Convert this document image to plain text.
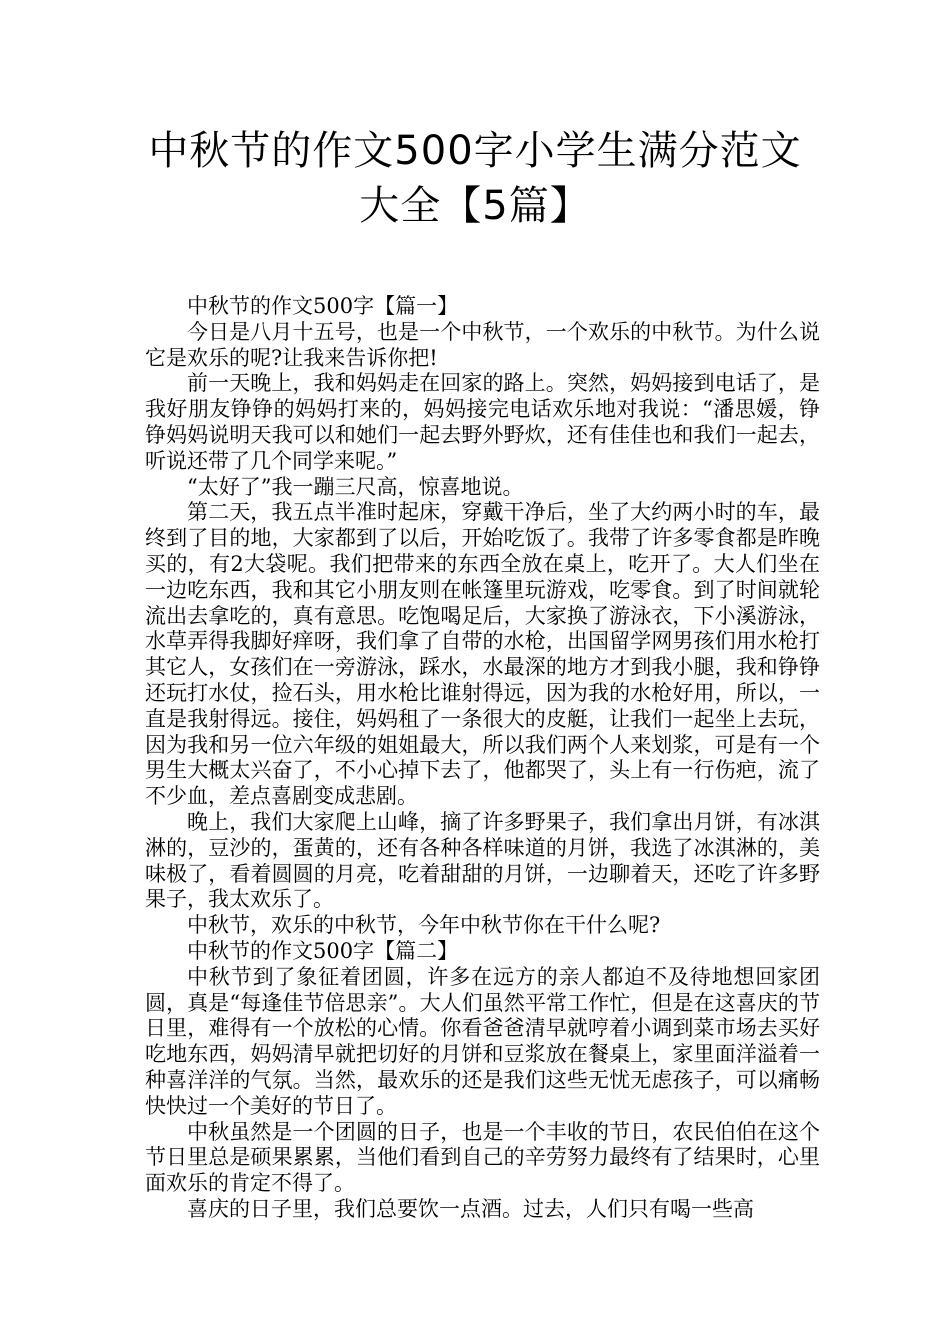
中秋节的作文500字小学生满分范文大全【5篇】

中秋节的作文500字【篇一】

今日是八月十五号，也是一个中秋节，一个欢乐的中秋节。为什么说它是欢乐的呢?让我来告诉你把!

前一天晚上，我和妈妈走在回家的路上。突然，妈妈接到电话了，是我好朋友铮铮的妈妈打来的，妈妈接完电话欢乐地对我说：“潘思媛，铮铮妈妈说明天我可以和她们一起去野外野炊，还有佳佳也和我们一起去，听说还带了几个同学来呢。”

“太好了”我一蹦三尺高，惊喜地说。

第二天，我五点半准时起床，穿戴干净后，坐了大约两小时的车，最终到了目的地，大家都到了以后，开始吃饭了。我带了许多零食都是昨晚买的，有2大袋呢。我们把带来的东西全放在桌上，吃开了。大人们坐在一边吃东西，我和其它小朋友则在帐篷里玩游戏，吃零食。到了时间就轮流出去拿吃的，真有意思。吃饱喝足后，大家换了游泳衣，下小溪游泳，水草弄得我脚好痒呀，我们拿了自带的水枪，出国留学网男孩们用水枪打其它人，女孩们在一旁游泳，踩水，水最深的地方才到我小腿，我和铮铮还玩打水仗，捡石头，用水枪比谁射得远，因为我的水枪好用，所以，一直是我射得远。接住，妈妈租了一条很大的皮艇，让我们一起坐上去玩，因为我和另一位六年级的姐姐最大，所以我们两个人来划浆，可是有一个男生大概太兴奋了，不小心掉下去了，他都哭了，头上有一行伤疤，流了不少血，差点喜剧变成悲剧。

晚上，我们大家爬上山峰，摘了许多野果子，我们拿出月饼，有冰淇淋的，豆沙的，蛋黄的，还有各种各样味道的月饼，我选了冰淇淋的，美味极了，看着圆圆的月亮，吃着甜甜的月饼，一边聊着天，还吃了许多野果子，我太欢乐了。

中秋节，欢乐的中秋节，今年中秋节你在干什么呢?

中秋节的作文500字【篇二】

中秋节到了象征着团圆，许多在远方的亲人都迫不及待地想回家团圆，真是“每逢佳节倍思亲”。大人们虽然平常工作忙，但是在这喜庆的节日里，难得有一个放松的心情。你看爸爸清早就哼着小调到菜市场去买好吃地东西，妈妈清早就把切好的月饼和豆浆放在餐桌上，家里面洋溢着一种喜洋洋的气氛。当然，最欢乐的还是我们这些无忧无虑孩子，可以痛畅快快过一个美好的节日了。

中秋虽然是一个团圆的日子，也是一个丰收的节日，农民伯伯在这个节日里总是硕果累累，当他们看到自己的辛劳努力最终有了结果时，心里面欢乐的肯定不得了。

喜庆的日子里，我们总要饮一点酒。过去，人们只有喝一些高
